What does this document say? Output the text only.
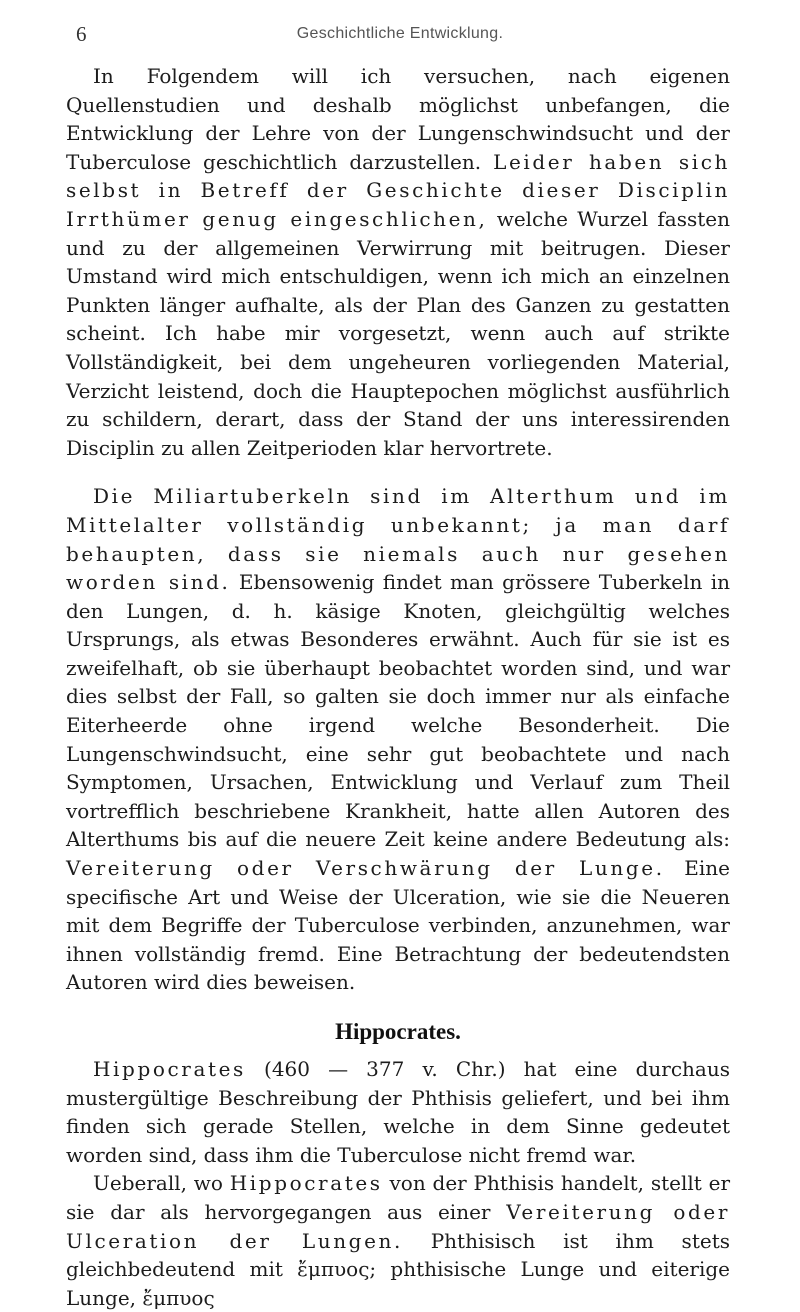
6	Geschichtliche Entwicklung.

In Folgendem will ich versuchen, nach eigenen Quellenstudien und deshalb möglichst unbefangen, die Entwicklung der Lehre von der Lungenschwindsucht und der Tuberculose geschichtlich darzustellen. Leider haben sich selbst in Betreff der Geschichte dieser Disciplin Irrthümer genug eingeschlichen, welche Wurzel fassten und zu der allgemeinen Verwirrung mit beitrugen. Dieser Umstand wird mich entschuldigen, wenn ich mich an einzelnen Punkten länger aufhalte, als der Plan des Ganzen zu gestatten scheint. Ich habe mir vorgesetzt, wenn auch auf strikte Vollständigkeit, bei dem ungeheuren vorliegenden Material, Verzicht leistend, doch die Hauptepochen möglichst ausführlich zu schildern, derart, dass der Stand der uns interessirenden Disciplin zu allen Zeitperioden klar hervortrete.

Die Miliartuberkeln sind im Alterthum und im Mittelalter vollständig unbekannt; ja man darf behaupten, dass sie niemals auch nur gesehen worden sind. Ebensowenig findet man grössere Tuberkeln in den Lungen, d. h. käsige Knoten, gleichgültig welches Ursprungs, als etwas Besonderes erwähnt. Auch für sie ist es zweifelhaft, ob sie überhaupt beobachtet worden sind, und war dies selbst der Fall, so galten sie doch immer nur als einfache Eiterheerde ohne irgend welche Besonderheit. Die Lungenschwindsucht, eine sehr gut beobachtete und nach Symptomen, Ursachen, Entwicklung und Verlauf zum Theil vortrefflich beschriebene Krankheit, hatte allen Autoren des Alterthums bis auf die neuere Zeit keine andere Bedeutung als: Vereiterung oder Verschwärung der Lunge. Eine specifische Art und Weise der Ulceration, wie sie die Neueren mit dem Begriffe der Tuberculose verbinden, anzunehmen, war ihnen vollständig fremd. Eine Betrachtung der bedeutendsten Autoren wird dies beweisen.

Hippocrates.

Hippocrates (460 — 377 v. Chr.) hat eine durchaus mustergültige Beschreibung der Phthisis geliefert, und bei ihm finden sich gerade Stellen, welche in dem Sinne gedeutet worden sind, dass ihm die Tuberculose nicht fremd war.

Ueberall, wo Hippocrates von der Phthisis handelt, stellt er sie dar als hervorgegangen aus einer Vereiterung oder Ulceration der Lungen. Phthisisch ist ihm stets gleichbedeutend mit ἔμπυος; phthisische Lunge und eiterige Lunge, ἔμπυος
